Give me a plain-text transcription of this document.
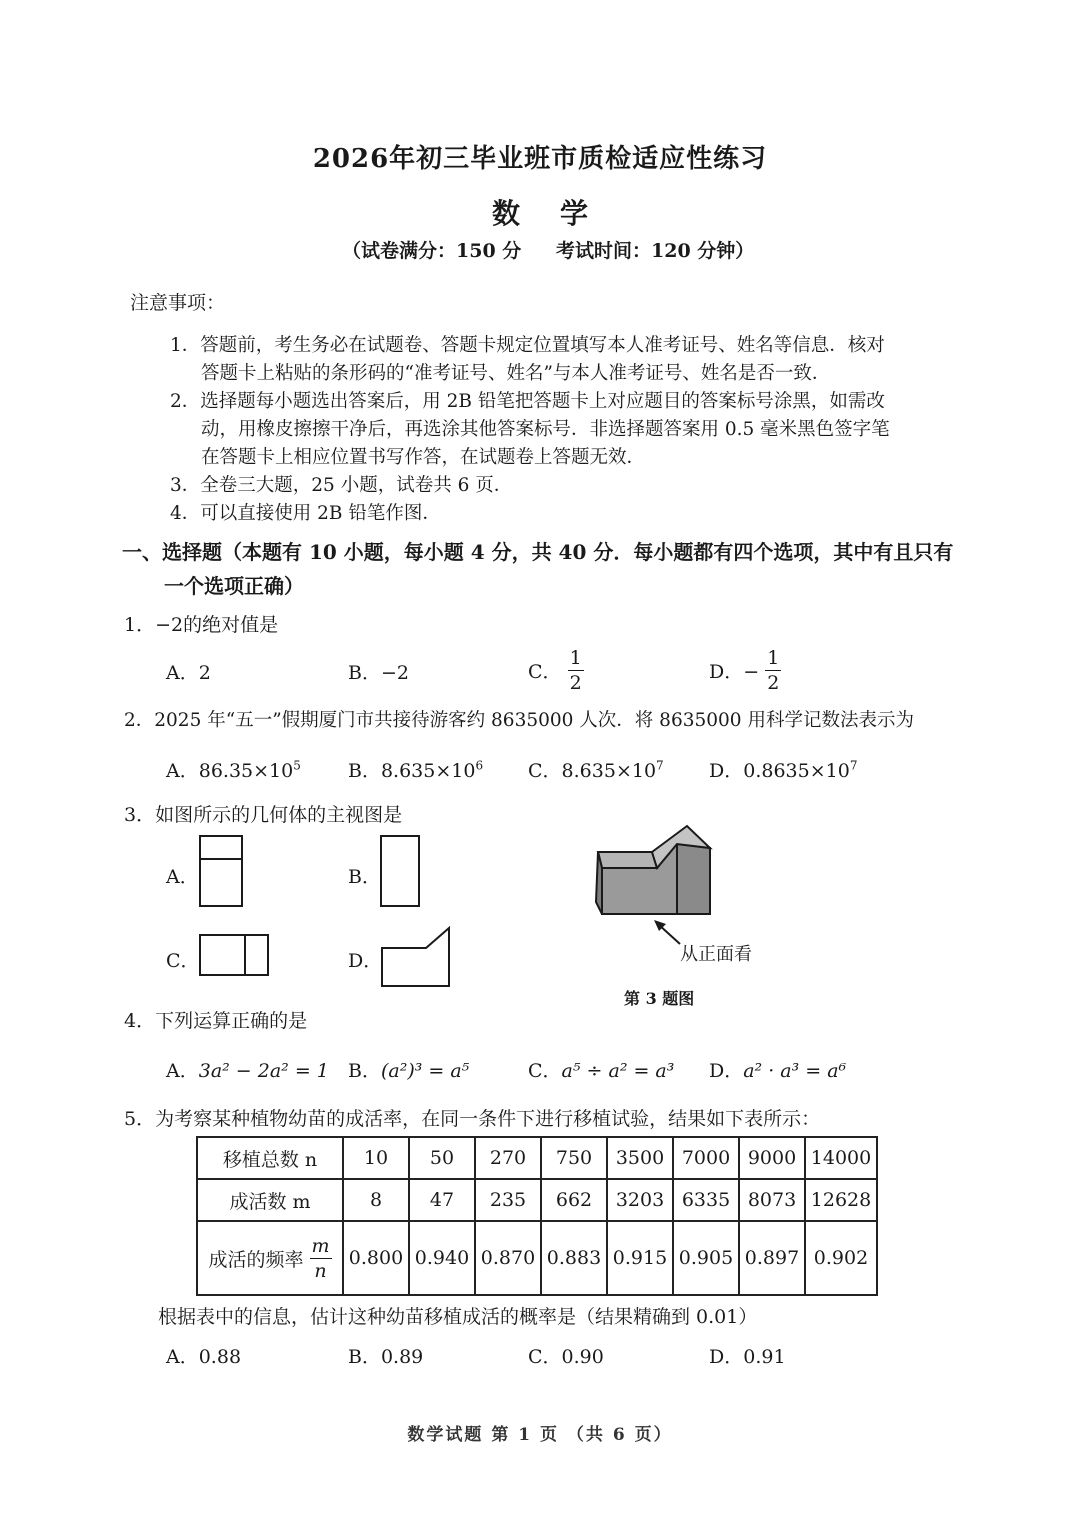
2026年初三毕业班市质检适应性练习
数学
（试卷满分：150 分 考试时间：120 分钟）
注意事项：
1．答题前，考生务必在试题卷、答题卡规定位置填写本人准考证号、姓名等信息．核对
答题卡上粘贴的条形码的“准考证号、姓名”与本人准考证号、姓名是否一致．
2．选择题每小题选出答案后，用 2B 铅笔把答题卡上对应题目的答案标号涂黑，如需改
动，用橡皮擦擦干净后，再选涂其他答案标号．非选择题答案用 0.5 毫米黑色签字笔
在答题卡上相应位置书写作答，在试题卷上答题无效．
3．全卷三大题，25 小题，试卷共 6 页．
4．可以直接使用 2B 铅笔作图．
一、选择题（本题有 10 小题，每小题 4 分，共 40 分．每小题都有四个选项，其中有且只有
一个选项正确）
1．−2的绝对值是
A．2	B．−2	C． $\frac{1}{2}$	D．− $\frac{1}{2}$
2．2025 年“五一”假期厦门市共接待游客约 8635000 人次．将 8635000 用科学记数法表示为
A．$86.35\times 10^5$ B．$8.635\times 10^6$ C．$8.635\times 10^7$ D．$0.8635\times 10^7$
3．如图所示的几何体的主视图是
A．	B．
C．	D．	从正面看
第 3 题图
4．下列运算正确的是
A．3a² − 2a² = 1 B．(a²)³ = a⁵	C．a⁵ ÷ a² = a³ D．a² · a³ = a⁶
5．为考察某种植物幼苗的成活率，在同一条件下进行移植试验，结果如下表所示：
移植总数 n	10	50	270	750	3500	7000	9000	14000
成活数 m	8	47	235	662	3203	6335	8073	12628
成活的频率 $\frac{m}{n}$	0.800	0.940	0.870	0.883	0.915	0.905	0.897	0.902
根据表中的信息，估计这种幼苗移植成活的概率是（结果精确到 0.01）
A．0.88	B．0.89	C．0.90	D．0.91
数学试题 第 1 页 （共 6 页）
